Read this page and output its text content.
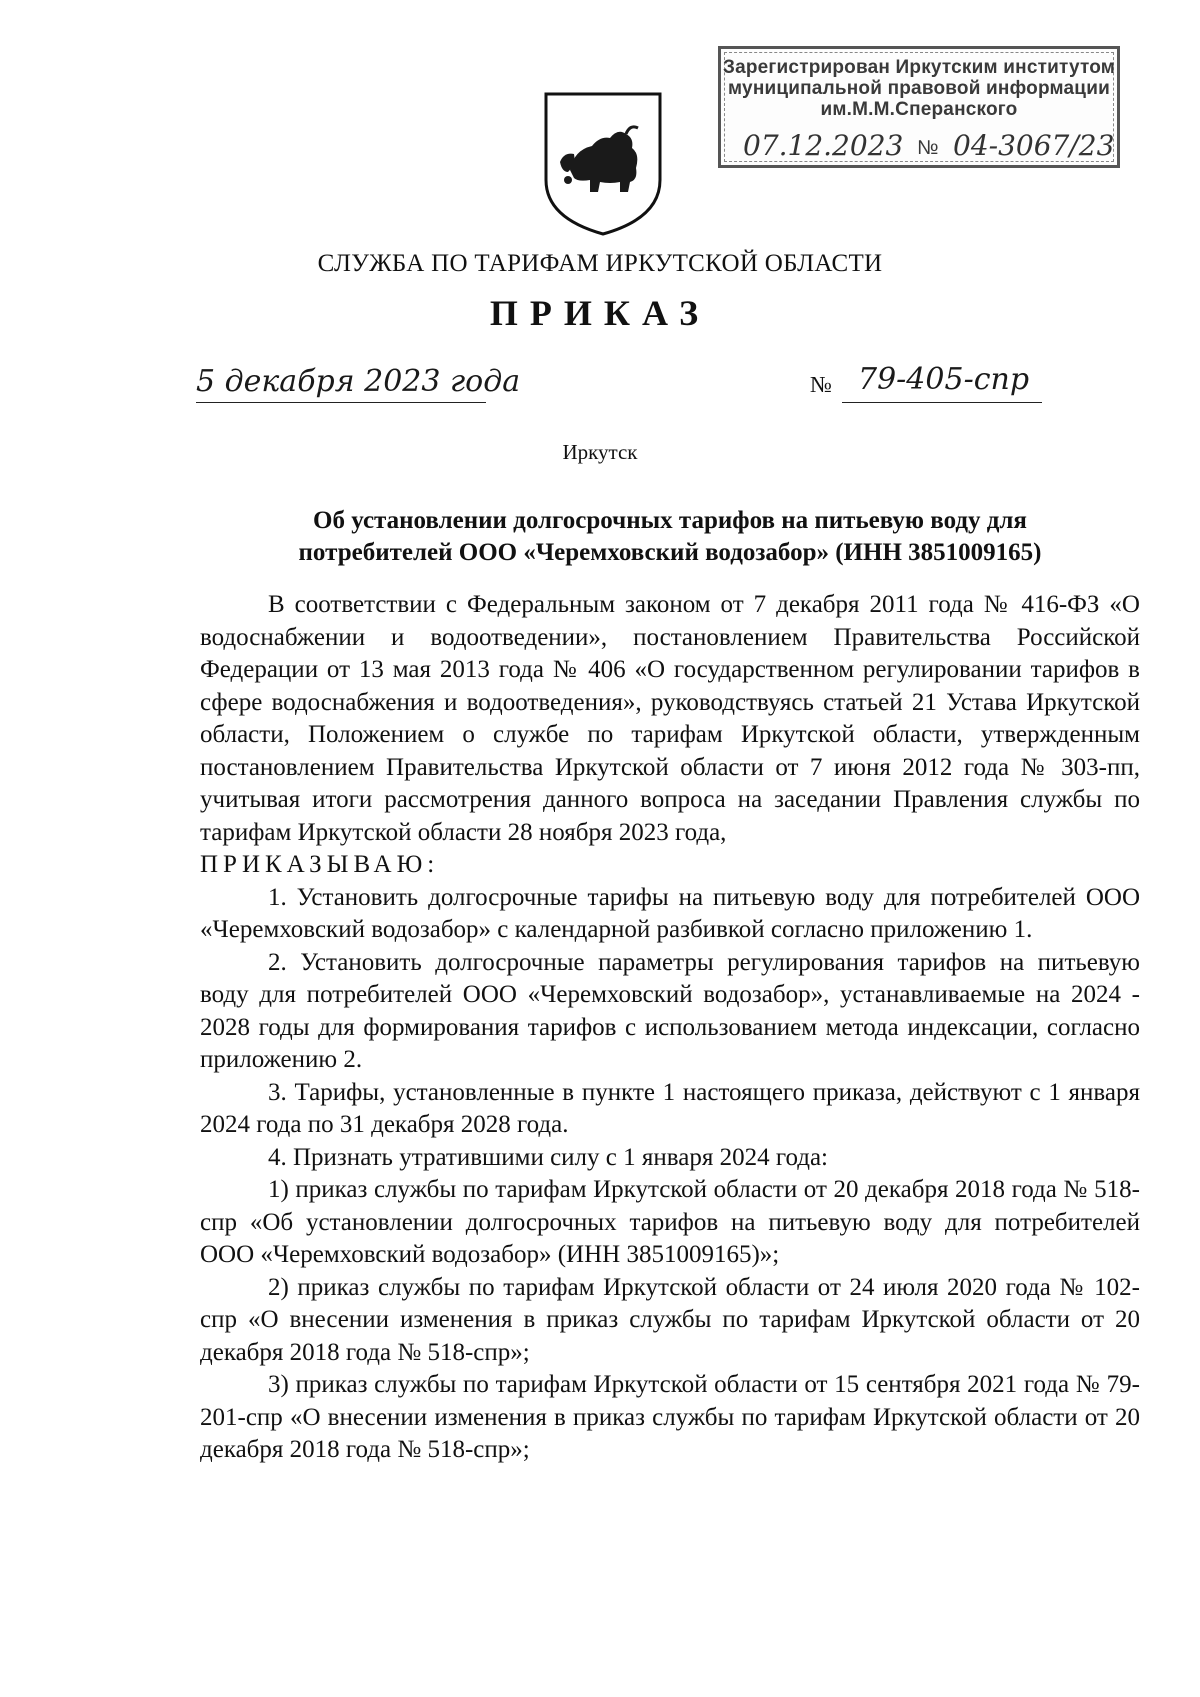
Зарегистрирован Иркутским институтом
муниципальной правовой информации
им.М.М.Сперанского
07.12.2023 № 04-3067/23
СЛУЖБА ПО ТАРИФАМ ИРКУТСКОЙ ОБЛАСТИ
ПРИКАЗ
5 декабря 2023 года	№ 79-405-спр
Иркутск
Об установлении долгосрочных тарифов на питьевую воду для
потребителей ООО «Черемховский водозабор» (ИНН 3851009165)

В соответствии с Федеральным законом от 7 декабря 2011 года № 416-ФЗ «О водоснабжении и водоотведении», постановлением Правительства Российской Федерации от 13 мая 2013 года № 406 «О государственном регулировании тарифов в сфере водоснабжения и водоотведения», руководствуясь статьей 21 Устава Иркутской области, Положением о службе по тарифам Иркутской области, утвержденным постановлением Правительства Иркутской области от 7 июня 2012 года № 303-пп, учитывая итоги рассмотрения данного вопроса на заседании Правления службы по тарифам Иркутской области 28 ноября 2023 года,

ПРИКАЗЫВАЮ:

1. Установить долгосрочные тарифы на питьевую воду для потребителей ООО «Черемховский водозабор» с календарной разбивкой согласно приложению 1.

2. Установить долгосрочные параметры регулирования тарифов на питьевую воду для потребителей ООО «Черемховский водозабор», устанавливаемые на 2024 - 2028 годы для формирования тарифов с использованием метода индексации, согласно приложению 2.

3. Тарифы, установленные в пункте 1 настоящего приказа, действуют с 1 января 2024 года по 31 декабря 2028 года.

4. Признать утратившими силу с 1 января 2024 года:

1) приказ службы по тарифам Иркутской области от 20 декабря 2018 года № 518-спр «Об установлении долгосрочных тарифов на питьевую воду для потребителей ООО «Черемховский водозабор» (ИНН 3851009165)»;

2) приказ службы по тарифам Иркутской области от 24 июля 2020 года № 102-спр «О внесении изменения в приказ службы по тарифам Иркутской области от 20 декабря 2018 года № 518-спр»;

3) приказ службы по тарифам Иркутской области от 15 сентября 2021 года № 79-201-спр «О внесении изменения в приказ службы по тарифам Иркутской области от 20 декабря 2018 года № 518-спр»;
